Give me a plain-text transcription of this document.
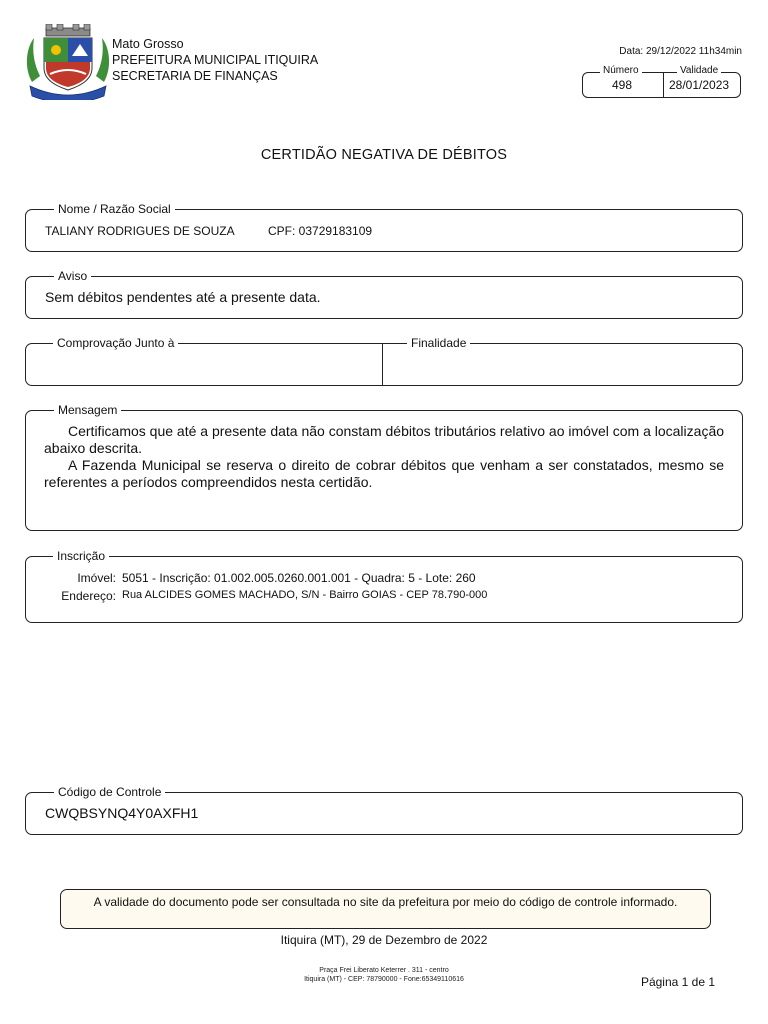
Mato Grosso
PREFEITURA MUNICIPAL ITIQUIRA
SECRETARIA DE FINANÇAS
Data: 29/12/2022 11h34min
Número	Validade
498	28/01/2023
CERTIDÃO NEGATIVA DE DÉBITOS
Nome / Razão Social
TALIANY RODRIGUES DE SOUZA	CPF: 03729183109
Aviso
Sem débitos pendentes até a presente data.
Comprovação Junto à	Finalidade
Mensagem

Certificamos que até a presente data não constam débitos tributários relativo ao imóvel com a localização abaixo descrita.

A Fazenda Municipal se reserva o direito de cobrar débitos que venham a ser constatados, mesmo se referentes a períodos compreendidos nesta certidão.

Inscrição
Imóvel: 5051 - Inscrição: 01.002.005.0260.001.001 - Quadra: 5 - Lote: 260
Endereço: Rua ALCIDES GOMES MACHADO, S/N - Bairro GOIAS - CEP 78.790-000
Código de Controle
CWQBSYNQ4Y0AXFH1
A validade do documento pode ser consultada no site da prefeitura por meio do código de controle informado.
Itiquira (MT), 29 de Dezembro de 2022
Praça Frei Liberato Keterrer . 311 - centro
Itiquira (MT) - CEP: 78790000 - Fone:65349110616	Página 1 de 1
